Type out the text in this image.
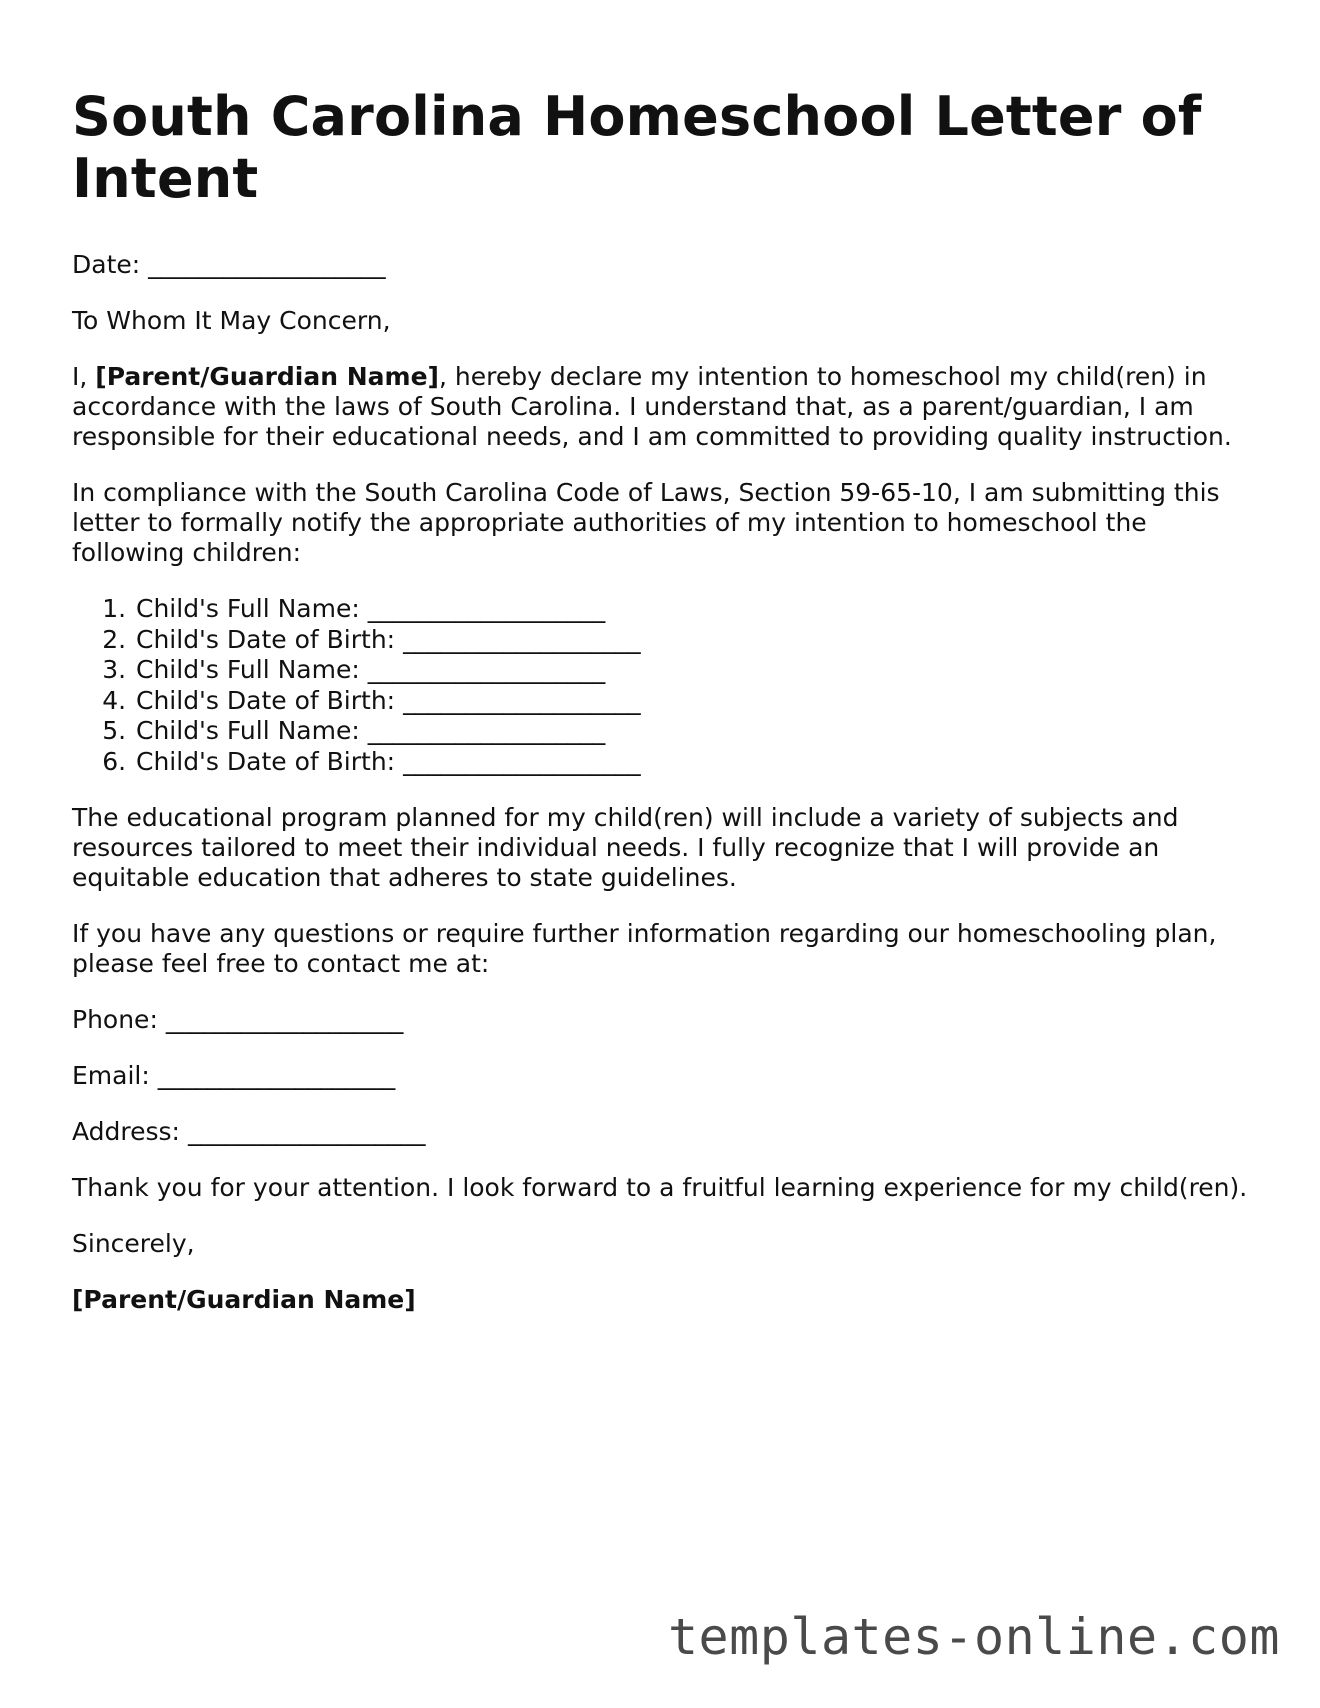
South Carolina Homeschool Letter of Intent

Date: ___________________

To Whom It May Concern,

I, [Parent/Guardian Name], hereby declare my intention to homeschool my child(ren) in accordance with the laws of South Carolina. I understand that, as a parent/guardian, I am responsible for their educational needs, and I am committed to providing quality instruction.

In compliance with the South Carolina Code of Laws, Section 59-65-10, I am submitting this letter to formally notify the appropriate authorities of my intention to homeschool the following children:

1. Child's Full Name: ___________________
2. Child's Date of Birth: ___________________
3. Child's Full Name: ___________________
4. Child's Date of Birth: ___________________
5. Child's Full Name: ___________________
6. Child's Date of Birth: ___________________

The educational program planned for my child(ren) will include a variety of subjects and resources tailored to meet their individual needs. I fully recognize that I will provide an equitable education that adheres to state guidelines.

If you have any questions or require further information regarding our homeschooling plan, please feel free to contact me at:

Phone: ___________________

Email: ___________________

Address: ___________________

Thank you for your attention. I look forward to a fruitful learning experience for my child(ren).

Sincerely,

[Parent/Guardian Name]

templates-online.com
